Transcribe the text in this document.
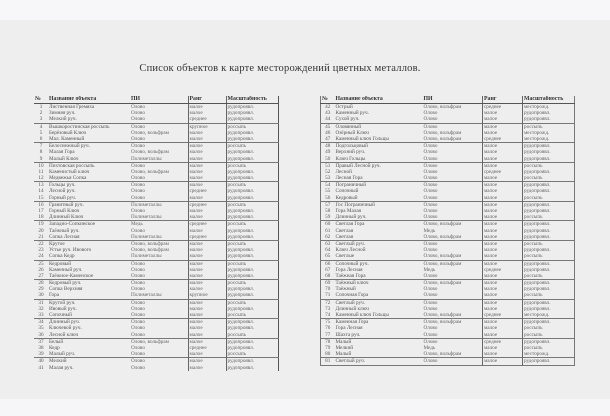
Список объектов к карте месторождений цветных металлов.
№	Название объекта	ПИ	Ранг	Масштабность
1	Лиственная Гремяха	Олово	малое	рудопроявл.
2	Зимняя руч.	Олово	малое	рудопроявл.
3	Мелкий руч.	Олово	среднее	рудопроявл.
4	Вышкоростинская россыпь	Олово	крупное	россыпь
5	Берёзовый Ключ	Олово, вольфрам	малое	рудопроявл.
6	Мал. Каменный	Олово	малое	рудопроявл.
7	Белоснежный руч.	Олово	малое	россыпь
8	Малая Гора	Олово, вольфрам	малое	рудопроявл.
9	Малый Ключ	Полиметаллы	малое	рудопроявл.
10	Пихтовская россыпь	Олово	малое	россыпь
11	Каменистый ключ	Олово, вольфрам	малое	рудопроявл.
12	Медвежья Сопка	Олово	малое	рудопроявл.
13	Гольцы руч.	Олово	малое	россыпь
14	Лесной руч.	Олово	среднее	рудопроявл.
15	Горный руч.	Олово	малое	рудопроявл.
16	Гранитный руч.	Полиметаллы	среднее	россыпь
17	Горный Ключ	Олово	малое	рудопроявл.
18	Длинный Ключ	Полиметаллы	малое	рудопроявл.
19	Западно-Сопкинское	Медь	среднее	россыпь
20	Таёжный руч.	Олово	малое	рудопроявл.
21	Сопка Лесная	Полиметаллы	среднее	рудопроявл.
22	Крутое	Олово, вольфрам	малое	россыпь
23	Устье руч. Ивового	Олово, вольфрам	малое	рудопроявл.
24	Сопка Кедр	Полиметаллы	малое	рудопроявл.
25	Кедровый	Олово	малое	россыпь
26	Каменный руч.	Олово	малое	рудопроявл.
27	Таёжное-Каменское	Олово	малое	рудопроявл.
28	Кедровый руч.	Олово	малое	россыпь
29	Сопка Верхняя	Олово	малое	рудопроявл.
30	Гора	Полиметаллы	крупное	рудопроявл.
31	Крутой руч.	Олово	малое	россыпь
32	Ивовый руч.	Олово	малое	рудопроявл.
33	Сопочный	Олово	малое	россыпь
34	Длинный руч.	Олово	малое	рудопроявл.
35	Ключевой руч.	Олово	малое	рудопроявл.
36	Лесной ключ	Олово	малое	россыпь
37	Белый	Олово, вольфрам	малое	рудопроявл.
38	Кедр	Олово	среднее	рудопроявл.
39	Малый руч.	Олово	малое	россыпь
40	Мелкий	Олово	малое	рудопроявл.
41	Малая руч.	Олово	малое	рудопроявл.
№	Название объекта	ПИ	Ранг	Масштабность
42	Острый	Олово, вольфрам	среднее	месторожд.
43	Каменный руч.	Олово	малое	рудопроявл.
44	Сухой руч.	Олово	малое	рудопроявл.
45	Оловянный	Олово	малое	россыпь
46	Озёрный Ключ	Олово, вольфрам	малое	месторожд.
47	Каменный ключ Гольцы	Олово, вольфрам	среднее	месторожд.
48	Подгольцовый	Олово	малое	рудопроявл.
49	Верхний руч.	Олово	малое	рудопроявл.
50	Ключ Гольцы	Олово	малое	рудопроявл.
51	Правый Лесной руч.	Олово	малое	россыпь
52	Лесной	Олово	среднее	рудопроявл.
53	Лесная Гора	Олово	малое	россыпь
54	Пограничный	Олово	малое	рудопроявл.
55	Сопочный	Олово	малое	рудопроявл.
56	Кедровый	Олово	малое	россыпь
57	Гос Пограничный	Олово	малое	рудопроявл.
58	Гора Малая	Олово	малое	рудопроявл.
59	Длинный руч.	Олово	малое	россыпь
60	Светлая Гора	Олово, вольфрам	малое	рудопроявл.
61	Светлая	Медь	малое	рудопроявл.
62	Светлая	Олово, вольфрам	малое	рудопроявл.
63	Светлый руч.	Олово	малое	россыпь
64	Ключ Лесной	Олово	малое	рудопроявл.
65	Светлые	Олово, вольфрам	малое	россыпь
66	Сопочный руч.	Олово, вольфрам	малое	рудопроявл.
67	Гора Лесная	Медь	среднее	рудопроявл.
68	Таёжная Гора	Олово	малое	россыпь
69	Таёжный ключ	Олово, вольфрам	малое	рудопроявл.
70	Таёжный	Олово	малое	рудопроявл.
71	Сопочная Гора	Олово	малое	россыпь
72	Светлый руч.	Олово	малое	рудопроявл.
73	Длинный ключ	Олово	малое	рудопроявл.
74	Каменный ключ Гольцы	Олово, вольфрам	среднее	месторожд.
75	Каменная Гора	Олово, вольфрам	малое	рудопроявл.
76	Гора Лесная	Олово	малое	россыпь
77	Шахта руч.	Олово	малое	россыпь
78	Малый	Олово	среднее	рудопроявл.
79	Мелкий	Медь	малое	россыпь
80	Малый	Олово, вольфрам	малое	месторожд.
81	Светлый руч.	Олово	малое	рудопроявл.
